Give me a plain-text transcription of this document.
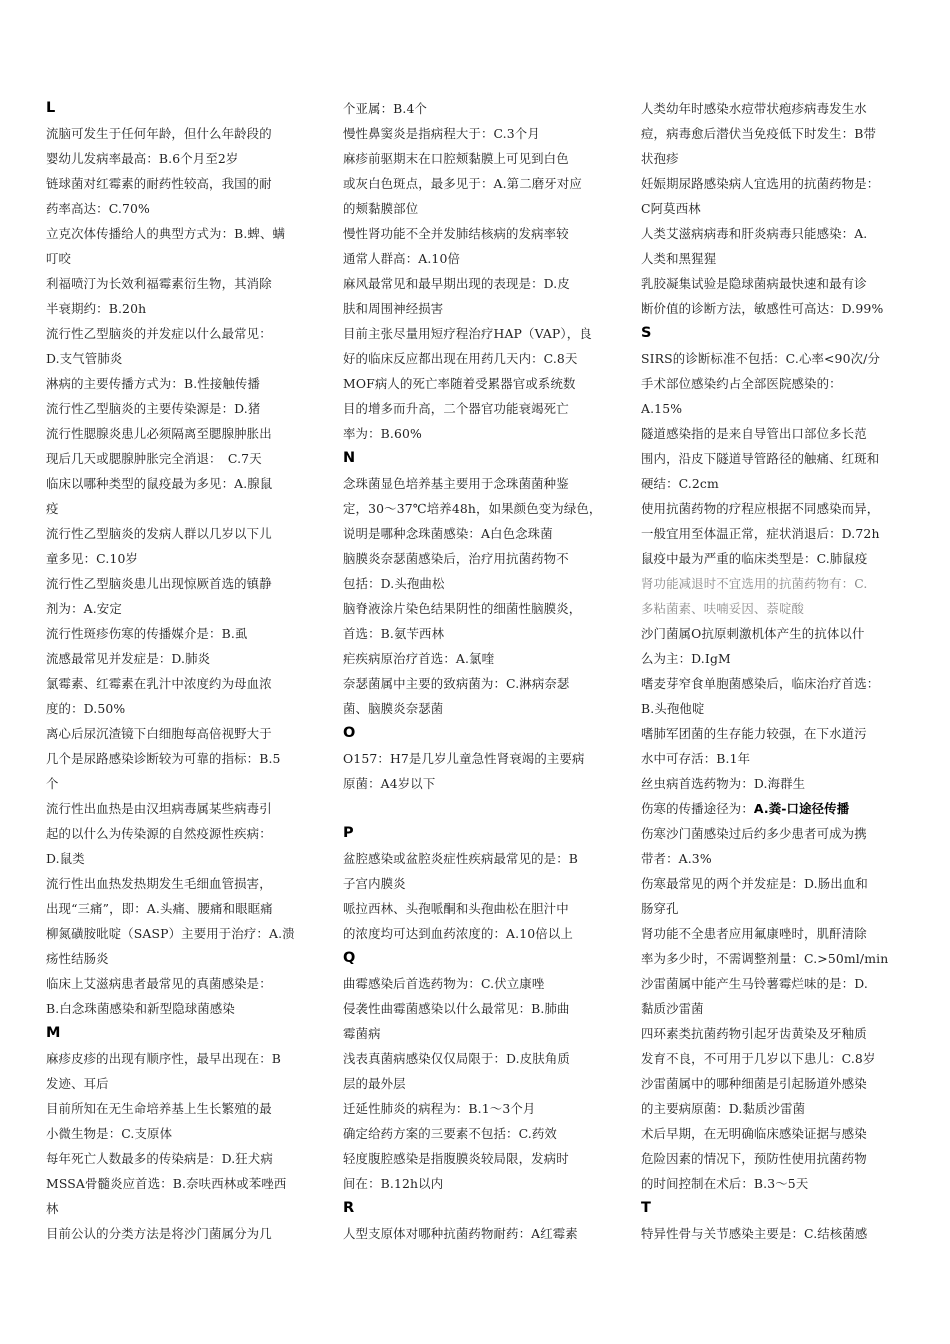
L
流脑可发生于任何年龄，但什么年龄段的
婴幼儿发病率最高：B.6个月至2岁
链球菌对红霉素的耐药性较高，我国的耐
药率高达：C.70%
立克次体传播给人的典型方式为：B.蜱、螨
叮咬
利福喷汀为长效利福霉素衍生物，其消除
半衰期约：B.20h
流行性乙型脑炎的并发症以什么最常见：
D.支气管肺炎
淋病的主要传播方式为：B.性接触传播
流行性乙型脑炎的主要传染源是：D.猪
流行性腮腺炎患儿必须隔离至腮腺肿胀出
现后几天或腮腺肿胀完全消退：　C.7天
临床以哪种类型的鼠疫最为多见：A.腺鼠
疫
流行性乙型脑炎的发病人群以几岁以下儿
童多见：C.10岁
流行性乙型脑炎患儿出现惊厥首选的镇静
剂为：A.安定
流行性斑疹伤寒的传播媒介是：B.虱
流感最常见并发症是：D.肺炎
氯霉素、红霉素在乳汁中浓度约为母血浓
度的：D.50%
离心后尿沉渣镜下白细胞每高倍视野大于
几个是尿路感染诊断较为可靠的指标：B.5
个
流行性出血热是由汉坦病毒属某些病毒引
起的以什么为传染源的自然疫源性疾病：
D.鼠类
流行性出血热发热期发生毛细血管损害，
出现“三痛”，即：A.头痛、腰痛和眼眶痛
柳氮磺胺吡啶（SASP）主要用于治疗：A.溃
疡性结肠炎
临床上艾滋病患者最常见的真菌感染是：
B.白念珠菌感染和新型隐球菌感染
M
麻疹皮疹的出现有顺序性，最早出现在：B
发迹、耳后
目前所知在无生命培养基上生长繁殖的最
小微生物是：C.支原体
每年死亡人数最多的传染病是：D.狂犬病
MSSA骨髓炎应首选：B.奈呋西林或苯唑西
林
目前公认的分类方法是将沙门菌属分为几
个亚属：B.4个
慢性鼻窦炎是指病程大于：C.3个月
麻疹前驱期末在口腔颊黏膜上可见到白色
或灰白色斑点，最多见于：A.第二磨牙对应
的颊黏膜部位
慢性肾功能不全并发肺结核病的发病率较
通常人群高：A.10倍
麻风最常见和最早期出现的表现是：D.皮
肤和周围神经损害
目前主张尽量用短疗程治疗HAP（VAP），良
好的临床反应都出现在用药几天内：C.8天
MOF病人的死亡率随着受累器官或系统数
目的增多而升高，二个器官功能衰竭死亡
率为：B.60%
N
念珠菌显色培养基主要用于念珠菌菌种鉴
定，30～37℃培养48h，如果颜色变为绿色，
说明是哪种念珠菌感染：A白色念珠菌
脑膜炎奈瑟菌感染后，治疗用抗菌药物不
包括：D.头孢曲松
脑脊液涂片染色结果阴性的细菌性脑膜炎，
首选：B.氨苄西林
疟疾病原治疗首选：A.氯喹
奈瑟菌属中主要的致病菌为：C.淋病奈瑟
菌、脑膜炎奈瑟菌
O
O157：H7是几岁儿童急性肾衰竭的主要病
原菌：A4岁以下
P
盆腔感染或盆腔炎症性疾病最常见的是：B
子宫内膜炎
哌拉西林、头孢哌酮和头孢曲松在胆汁中
的浓度均可达到血药浓度的：A.10倍以上
Q
曲霉感染后首选药物为：C.伏立康唑
侵袭性曲霉菌感染以什么最常见：B.肺曲
霉菌病
浅表真菌病感染仅仅局限于：D.皮肤角质
层的最外层
迁延性肺炎的病程为：B.1～3个月
确定给药方案的三要素不包括：C.药效
轻度腹腔感染是指腹膜炎较局限，发病时
间在：B.12h以内
R
人型支原体对哪种抗菌药物耐药：A红霉素
人类幼年时感染水痘带状疱疹病毒发生水
痘，病毒愈后潜伏当免疫低下时发生：B带
状孢疹
妊娠期尿路感染病人宜选用的抗菌药物是：
C阿莫西林
人类艾滋病病毒和肝炎病毒只能感染：A.
人类和黑猩猩
乳胶凝集试验是隐球菌病最快速和最有诊
断价值的诊断方法，敏感性可高达：D.99%
S
SIRS的诊断标准不包括：C.心率<90次/分
手术部位感染约占全部医院感染的：
A.15%
隧道感染指的是来自导管出口部位多长范
围内，沿皮下隧道导管路径的触痛、红斑和
硬结：C.2cm
使用抗菌药物的疗程应根据不同感染而异，
一般宜用至体温正常，症状消退后：D.72h
鼠疫中最为严重的临床类型是：C.肺鼠疫
肾功能减退时不宜选用的抗菌药物有：C.
多粘菌素、呋喃妥因、萘啶酸
沙门菌属O抗原刺激机体产生的抗体以什
么为主：D.IgM
嗜麦芽窄食单胞菌感染后，临床治疗首选：
B.头孢他啶
嗜肺军团菌的生存能力较强，在下水道污
水中可存活：B.1年
丝虫病首选药物为：D.海群生
伤寒的传播途径为：A.粪-口途径传播
伤寒沙门菌感染过后约多少患者可成为携
带者：A.3%
伤寒最常见的两个并发症是：D.肠出血和
肠穿孔
肾功能不全患者应用氟康唑时，肌酐清除
率为多少时，不需调整剂量：C.>50ml/min
沙雷菌属中能产生马铃薯霉烂味的是：D.
黏质沙雷菌
四环素类抗菌药物引起牙齿黄染及牙釉质
发育不良，不可用于几岁以下患儿：C.8岁
沙雷菌属中的哪种细菌是引起肠道外感染
的主要病原菌：D.黏质沙雷菌
术后早期，在无明确临床感染证据与感染
危险因素的情况下，预防性使用抗菌药物
的时间控制在术后：B.3～5天
T
特异性骨与关节感染主要是：C.结核菌感
